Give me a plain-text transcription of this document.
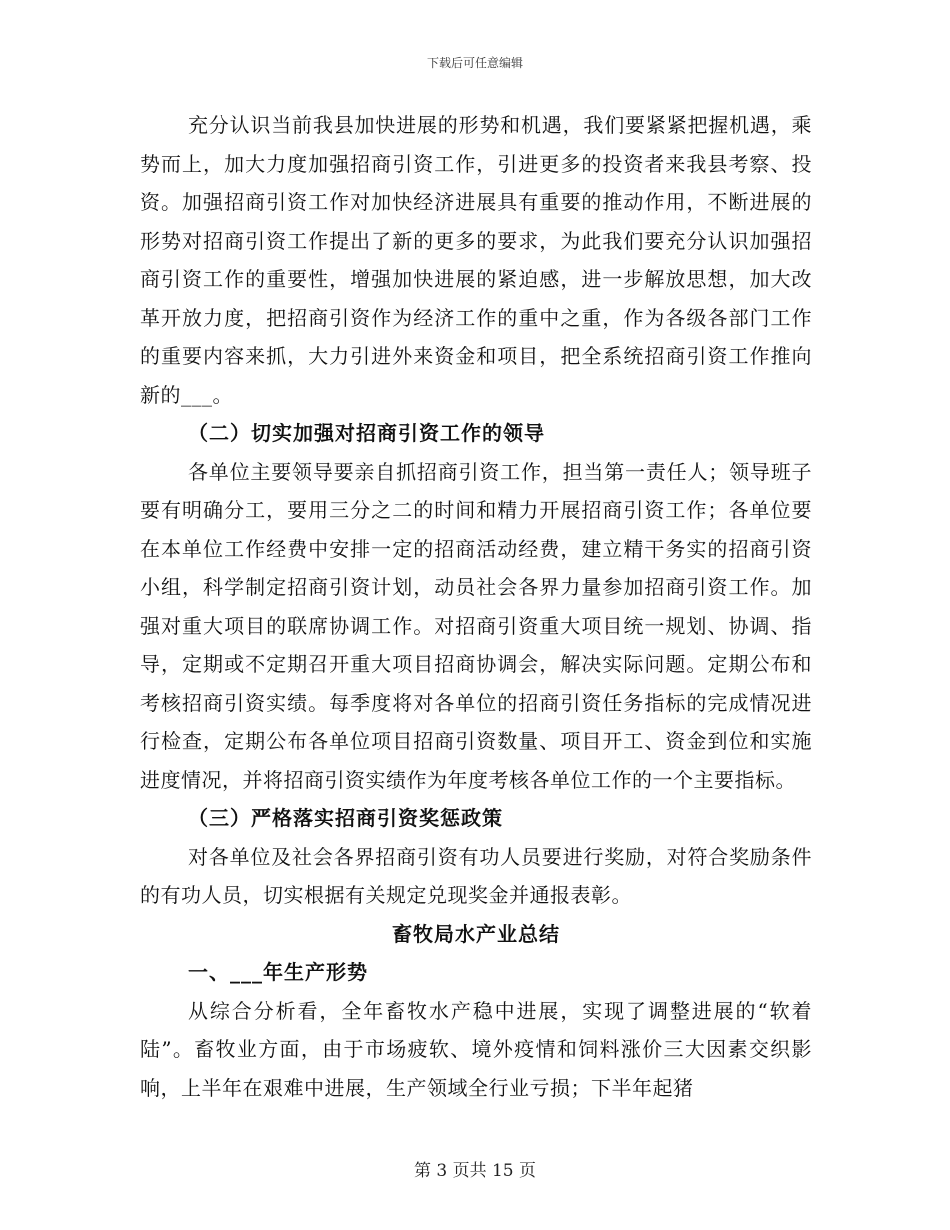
下载后可任意编辑

充分认识当前我县加快进展的形势和机遇，我们要紧紧把握机遇，乘势而上，加大力度加强招商引资工作，引进更多的投资者来我县考察、投资。加强招商引资工作对加快经济进展具有重要的推动作用，不断进展的形势对招商引资工作提出了新的更多的要求，为此我们要充分认识加强招商引资工作的重要性，增强加快进展的紧迫感，进一步解放思想，加大改革开放力度，把招商引资作为经济工作的重中之重，作为各级各部门工作的重要内容来抓，大力引进外来资金和项目，把全系统招商引资工作推向新的___。

（二）切实加强对招商引资工作的领导

各单位主要领导要亲自抓招商引资工作，担当第一责任人；领导班子要有明确分工，要用三分之二的时间和精力开展招商引资工作；各单位要在本单位工作经费中安排一定的招商活动经费，建立精干务实的招商引资小组，科学制定招商引资计划，动员社会各界力量参加招商引资工作。加强对重大项目的联席协调工作。对招商引资重大项目统一规划、协调、指导，定期或不定期召开重大项目招商协调会，解决实际问题。定期公布和考核招商引资实绩。每季度将对各单位的招商引资任务指标的完成情况进行检查，定期公布各单位项目招商引资数量、项目开工、资金到位和实施进度情况，并将招商引资实绩作为年度考核各单位工作的一个主要指标。

（三）严格落实招商引资奖惩政策

对各单位及社会各界招商引资有功人员要进行奖励，对符合奖励条件的有功人员，切实根据有关规定兑现奖金并通报表彰。

畜牧局水产业总结

一、___年生产形势

从综合分析看，全年畜牧水产稳中进展，实现了调整进展的“软着陆”。畜牧业方面，由于市场疲软、境外疫情和饲料涨价三大因素交织影响，上半年在艰难中进展，生产领域全行业亏损；下半年起猪

第 3 页共 15 页
